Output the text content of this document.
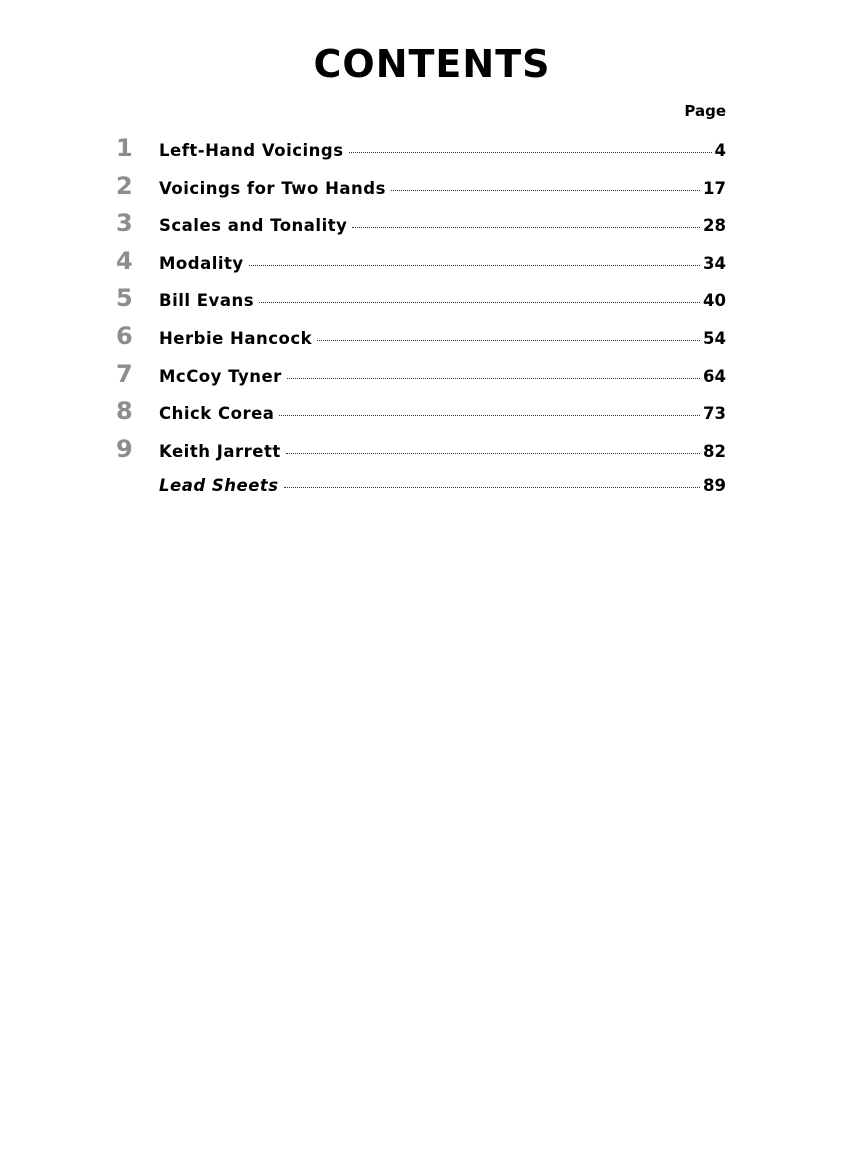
CONTENTS
Page
1	Left-Hand Voicings	4
2	Voicings for Two Hands	17
3	Scales and Tonality	28
4	Modality	34
5	Bill Evans	40
6	Herbie Hancock	54
7	McCoy Tyner	64
8	Chick Corea	73
9	Keith Jarrett	82
Lead Sheets	89
